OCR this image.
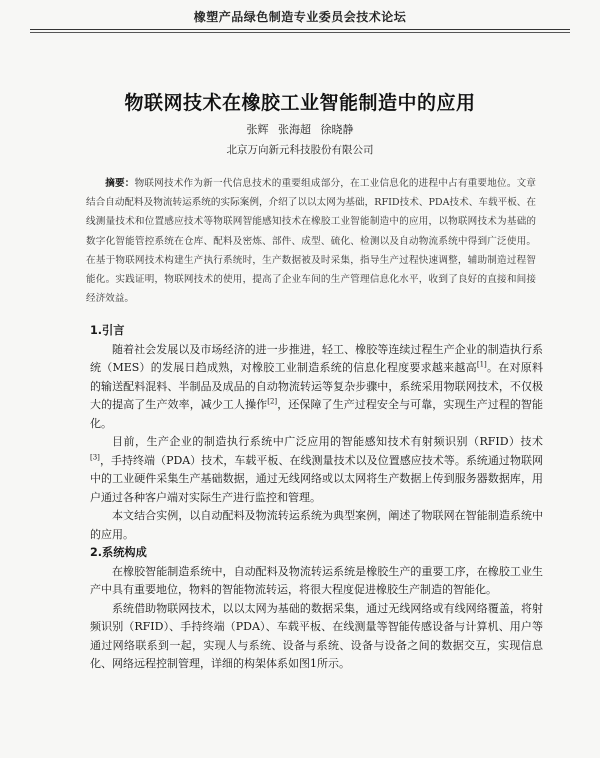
橡塑产品绿色制造专业委员会技术论坛
物联网技术在橡胶工业智能制造中的应用
张辉 张海超 徐晓静
北京万向新元科技股份有限公司
摘要：物联网技术作为新一代信息技术的重要组成部分，在工业信息化的进程中占有重要地位。文章结合自动配料及物流转运系统的实际案例，介绍了以以太网为基础，RFID技术、PDA技术、车载平板、在线测量技术和位置感应技术等物联网智能感知技术在橡胶工业智能制造中的应用，以物联网技术为基础的数字化智能管控系统在仓库、配料及密炼、部件、成型、硫化、检测以及自动物流系统中得到广泛使用。在基于物联网技术构建生产执行系统时，生产数据被及时采集，指导生产过程快速调整，辅助制造过程智能化。实践证明，物联网技术的使用，提高了企业车间的生产管理信息化水平，收到了良好的直接和间接经济效益。
1.引言

随着社会发展以及市场经济的进一步推进，轻工、橡胶等连续过程生产企业的制造执行系统（MES）的发展日趋成熟，对橡胶工业制造系统的信息化程度要求越来越高[1]。在对原料的输送配料混料、半制品及成品的自动物流转运等复杂步骤中，系统采用物联网技术，不仅极大的提高了生产效率，减少工人操作[2]，还保障了生产过程安全与可靠，实现生产过程的智能化。

目前，生产企业的制造执行系统中广泛应用的智能感知技术有射频识别（RFID）技术[3]，手持终端（PDA）技术，车载平板、在线测量技术以及位置感应技术等。系统通过物联网中的工业硬件采集生产基础数据，通过无线网络或以太网将生产数据上传到服务器数据库，用户通过各种客户端对实际生产进行监控和管理。

本文结合实例，以自动配料及物流转运系统为典型案例，阐述了物联网在智能制造系统中的应用。

2.系统构成

在橡胶智能制造系统中，自动配料及物流转运系统是橡胶生产的重要工序，在橡胶工业生产中具有重要地位，物料的智能物流转运，将很大程度促进橡胶生产制造的智能化。

系统借助物联网技术，以以太网为基础的数据采集，通过无线网络或有线网络覆盖，将射频识别（RFID）、手持终端（PDA）、车载平板、在线测量等智能传感设备与计算机、用户等通过网络联系到一起，实现人与系统、设备与系统、设备与设备之间的数据交互，实现信息化、网络远程控制管理，详细的构架体系如图1所示。
